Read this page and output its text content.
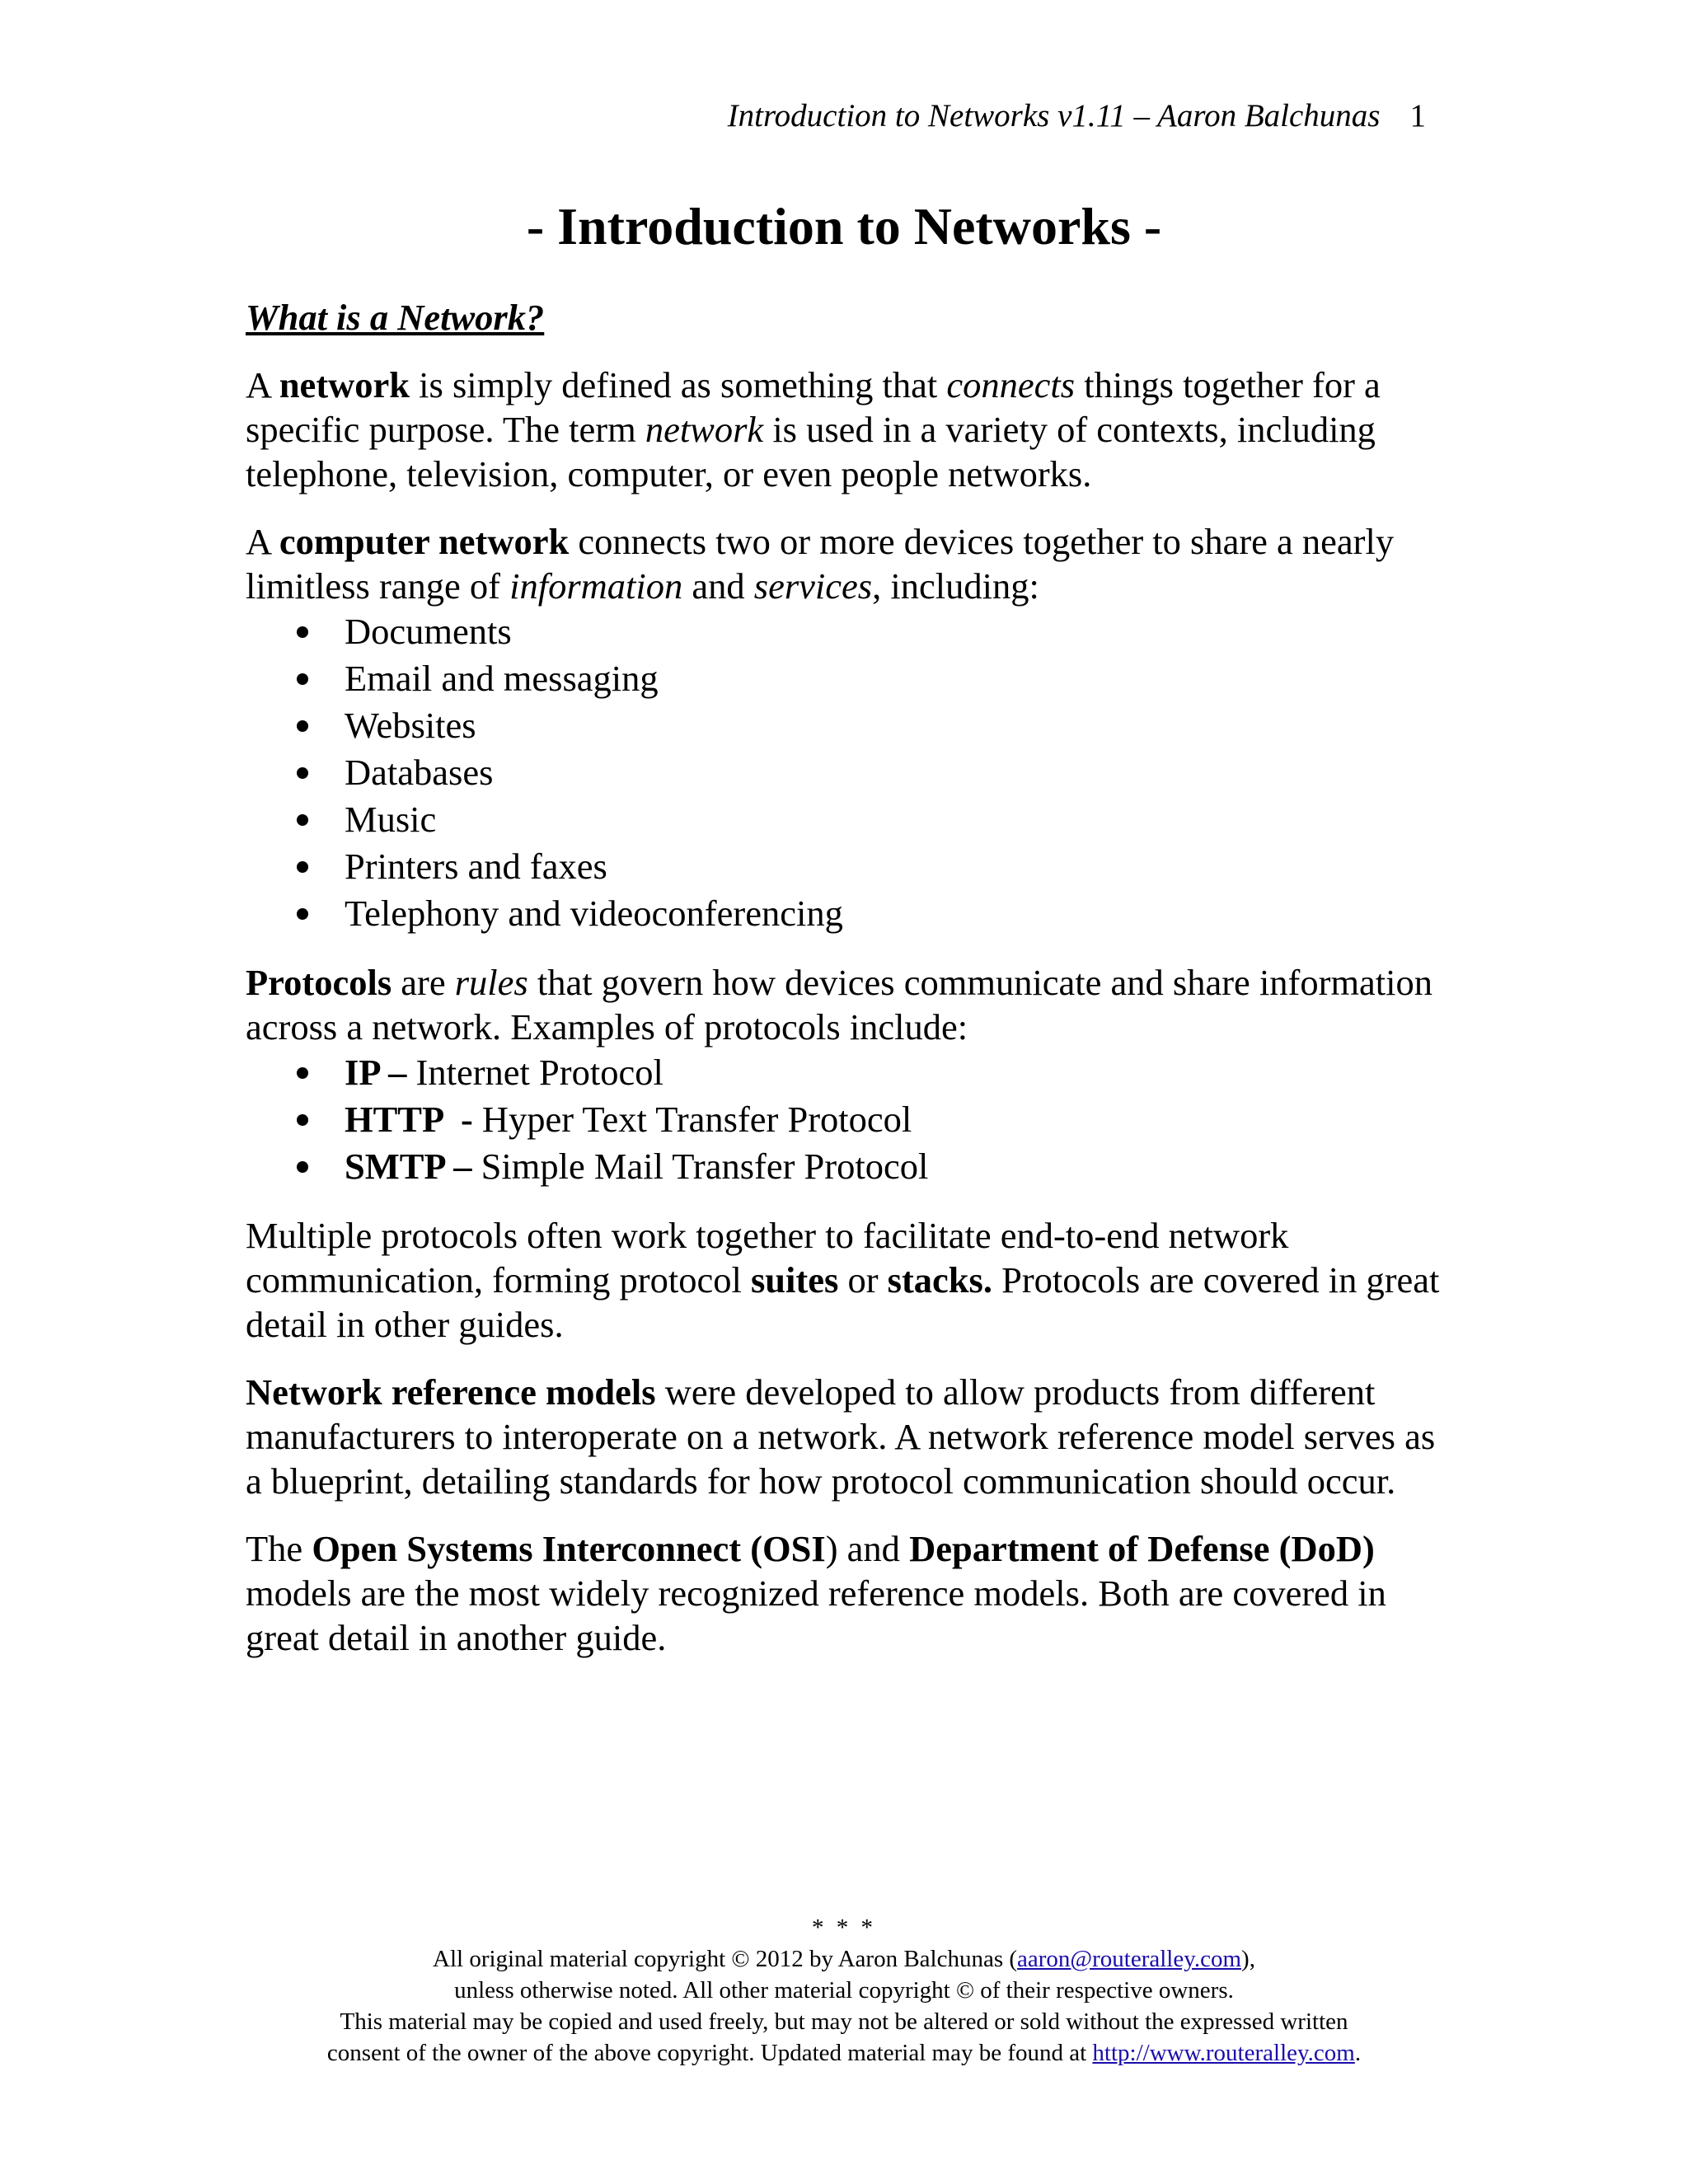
Introduction to Networks v1.11 – Aaron Balchunas 1
- Introduction to Networks -
What is a Network?

A network is simply defined as something that connects things together for a specific purpose. The term network is used in a variety of contexts, including telephone, television, computer, or even people networks.

A computer network connects two or more devices together to share a nearly limitless range of information and services, including:

Documents
Email and messaging
Websites
Databases
Music
Printers and faxes
Telephony and videoconferencing

Protocols are rules that govern how devices communicate and share information across a network. Examples of protocols include:

IP – Internet Protocol
HTTP  - Hyper Text Transfer Protocol
SMTP – Simple Mail Transfer Protocol

Multiple protocols often work together to facilitate end-to-end network communication, forming protocol suites or stacks. Protocols are covered in great detail in other guides.

Network reference models were developed to allow products from different manufacturers to interoperate on a network. A network reference model serves as a blueprint, detailing standards for how protocol communication should occur.

The Open Systems Interconnect (OSI) and Department of Defense (DoD) models are the most widely recognized reference models. Both are covered in great detail in another guide.

* * *
All original material copyright © 2012 by Aaron Balchunas (aaron@routeralley.com),
unless otherwise noted. All other material copyright © of their respective owners.
This material may be copied and used freely, but may not be altered or sold without the expressed written
consent of the owner of the above copyright. Updated material may be found at http://www.routeralley.com.
